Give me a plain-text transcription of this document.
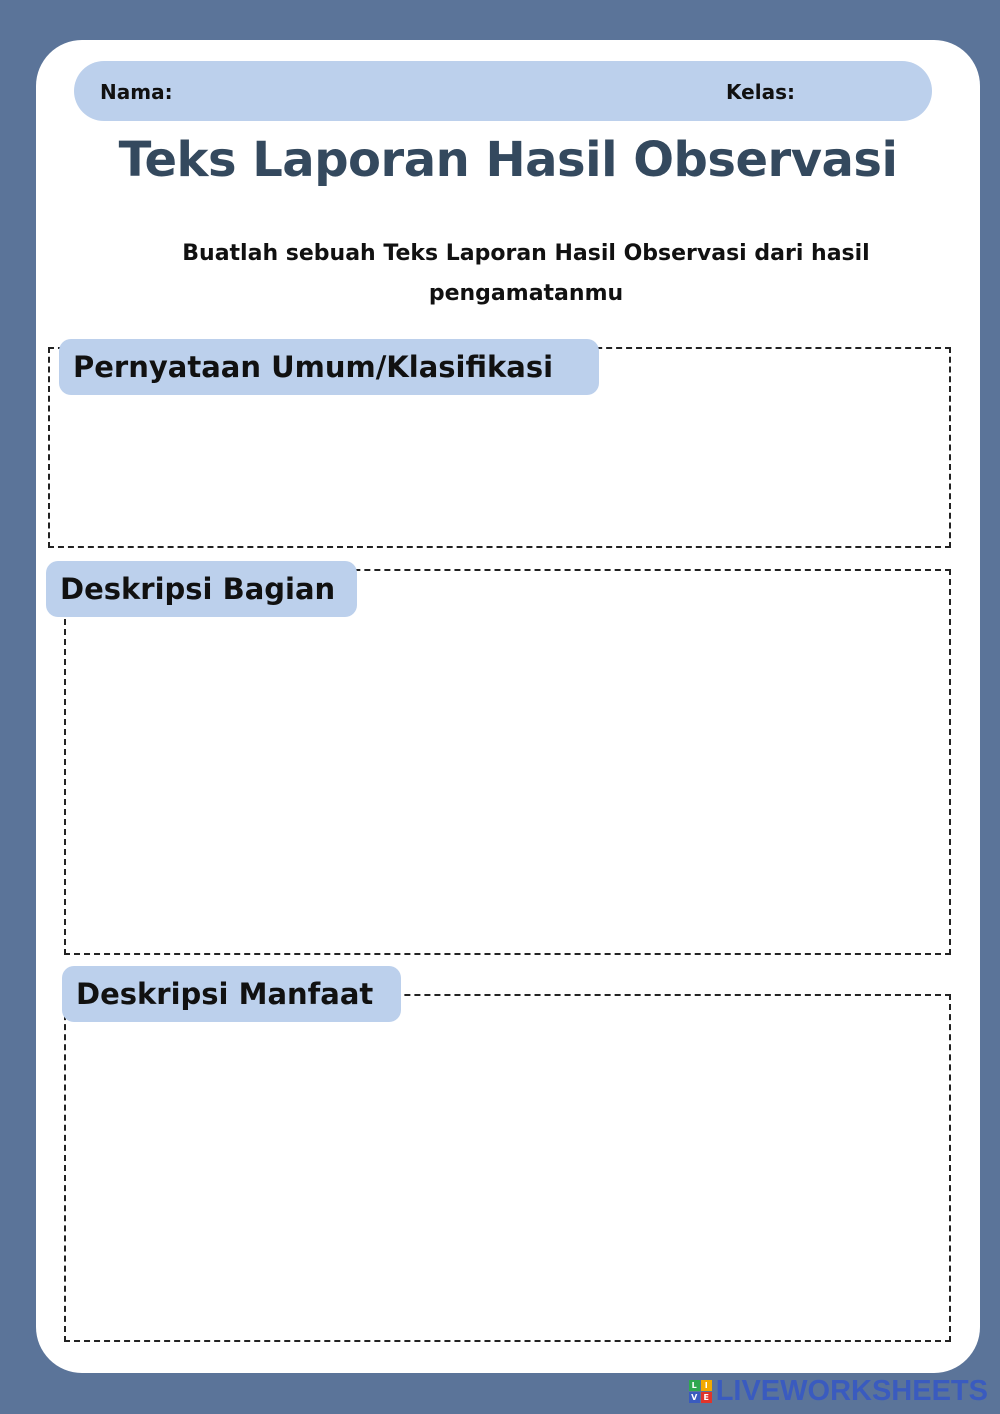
Nama:	Kelas:
Teks Laporan Hasil Observasi
Buatlah sebuah Teks Laporan Hasil Observasi dari hasil pengamatanmu
Pernyataan Umum/Klasifikasi
Deskripsi Bagian
Deskripsi Manfaat
L I
V E LIVEWORKSHEETS
